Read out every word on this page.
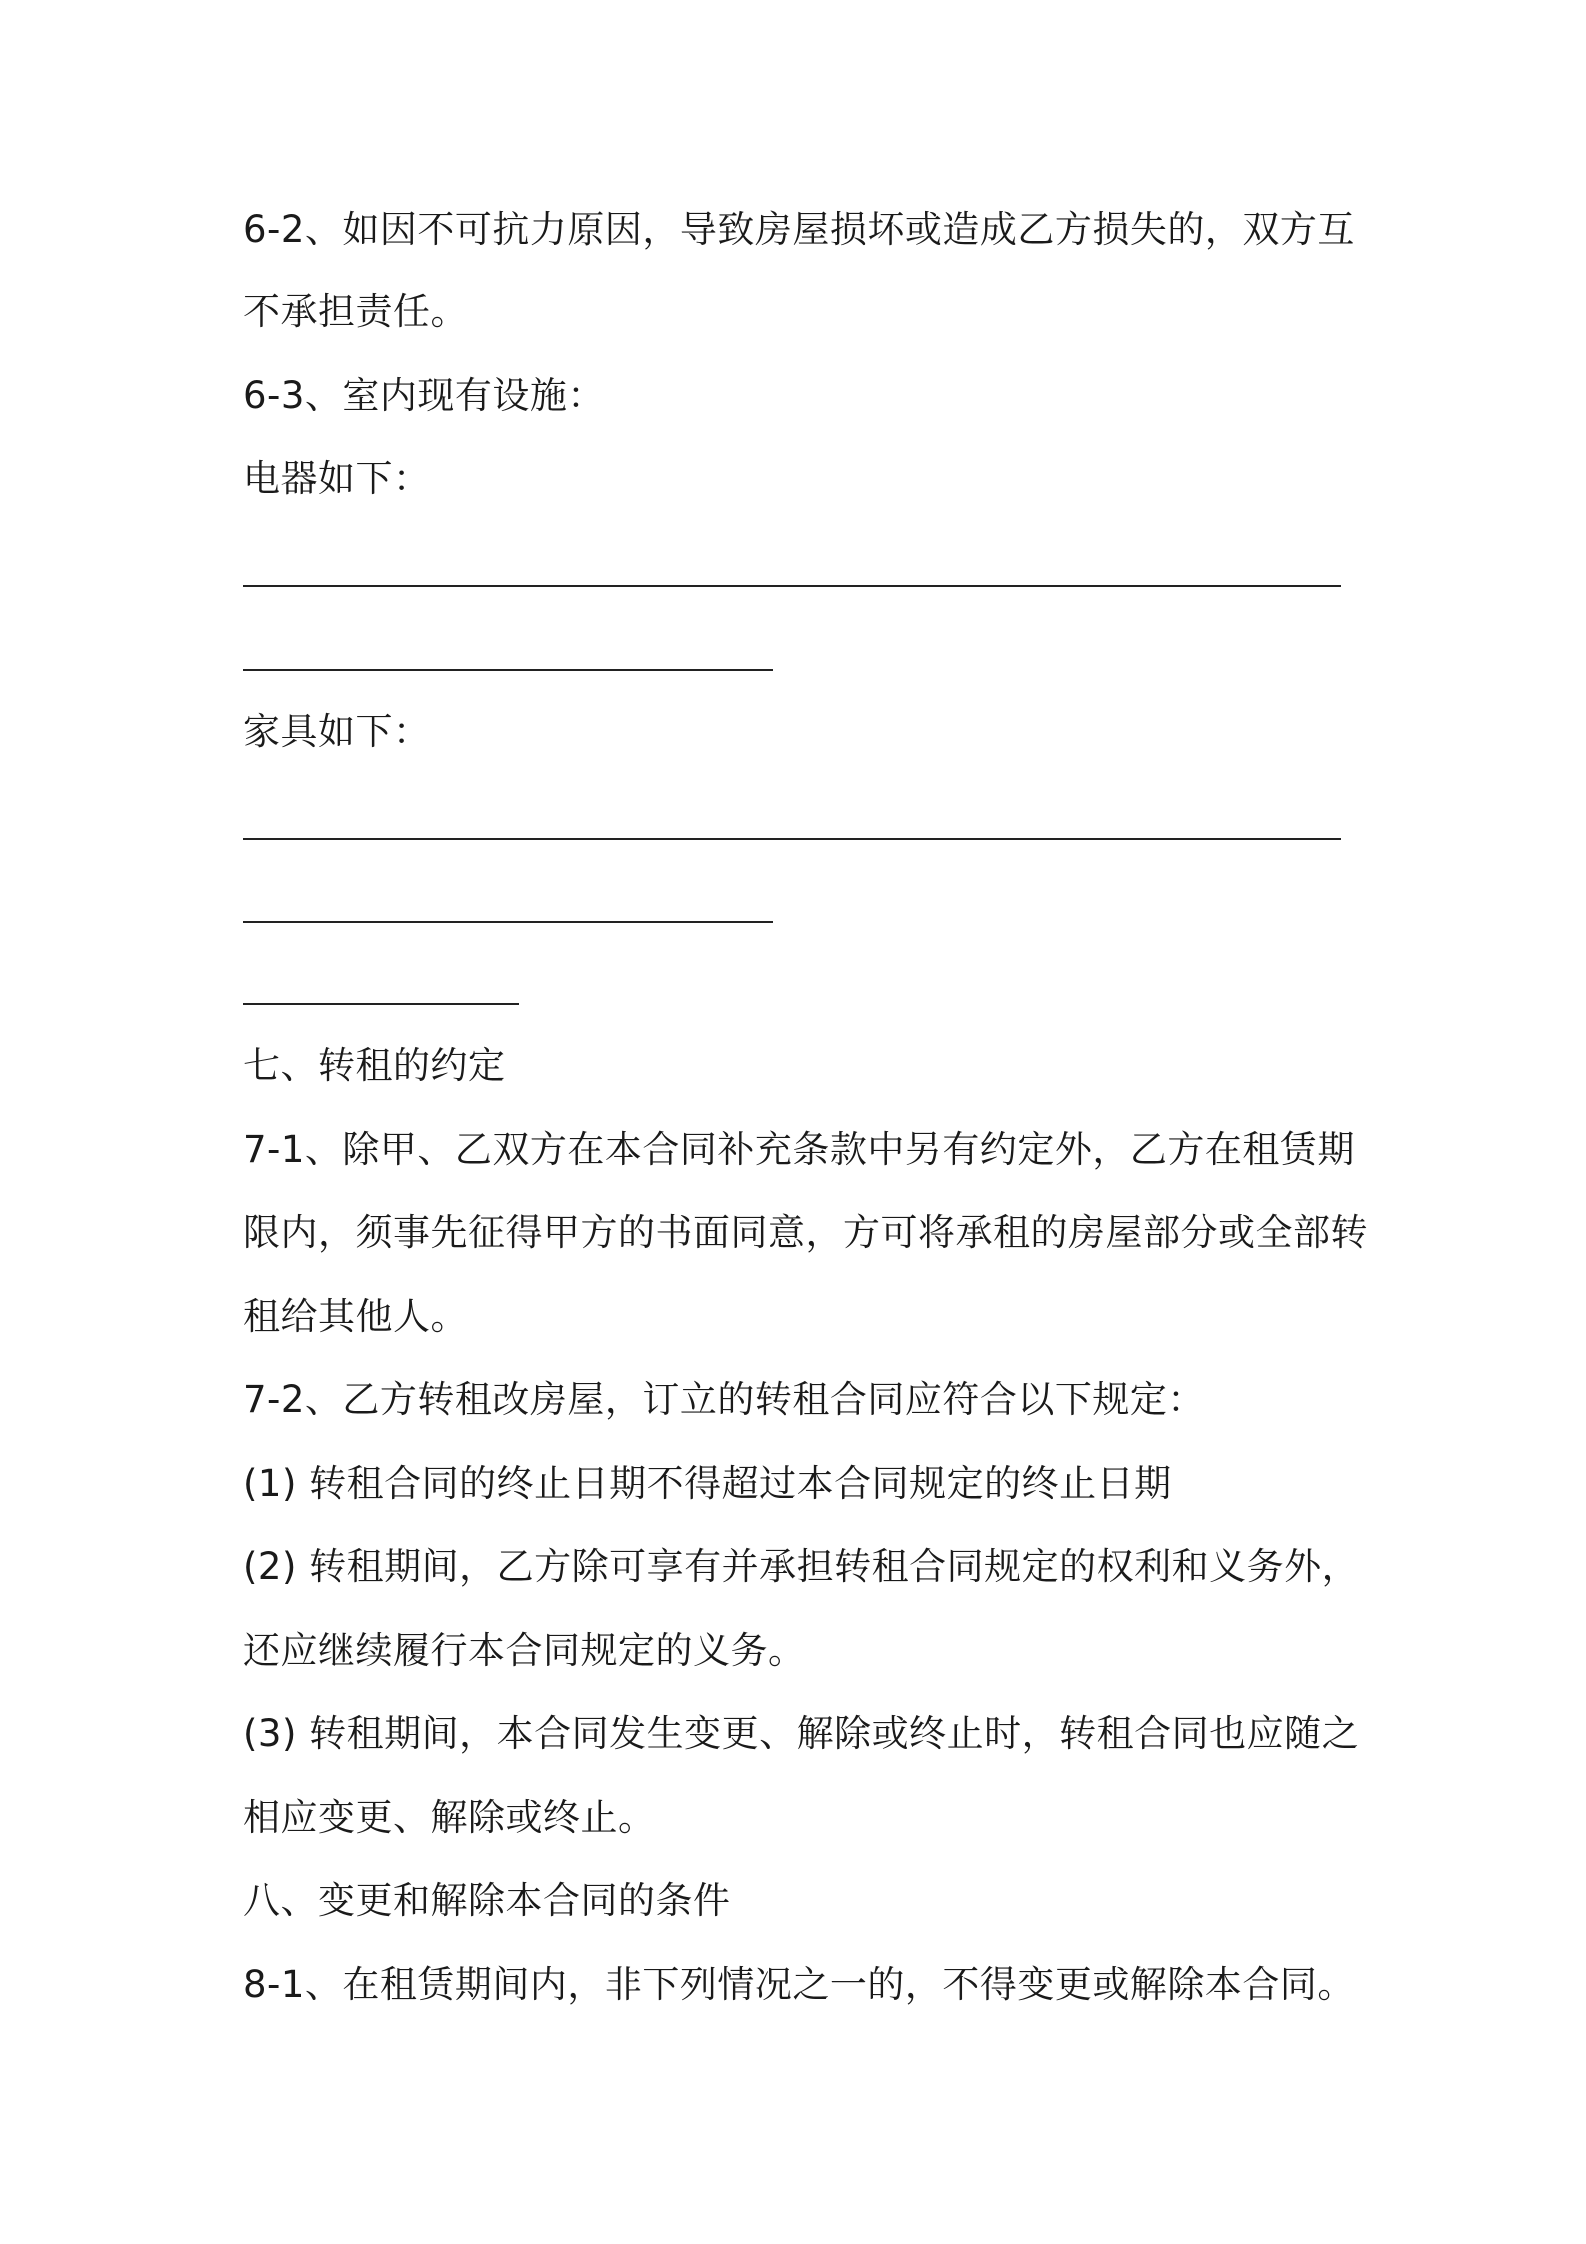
6-2、如因不可抗力原因，导致房屋损坏或造成乙方损失的，双方互
不承担责任。
6-3、室内现有设施：
电器如下：
家具如下：
七、转租的约定
7-1、除甲、乙双方在本合同补充条款中另有约定外，乙方在租赁期
限内，须事先征得甲方的书面同意，方可将承租的房屋部分或全部转
租给其他人。
7-2、乙方转租改房屋，订立的转租合同应符合以下规定：
(1) 转租合同的终止日期不得超过本合同规定的终止日期
(2) 转租期间，乙方除可享有并承担转租合同规定的权利和义务外，
还应继续履行本合同规定的义务。
(3) 转租期间，本合同发生变更、解除或终止时，转租合同也应随之
相应变更、解除或终止。
八、变更和解除本合同的条件
8-1、在租赁期间内，非下列情况之一的，不得变更或解除本合同。
